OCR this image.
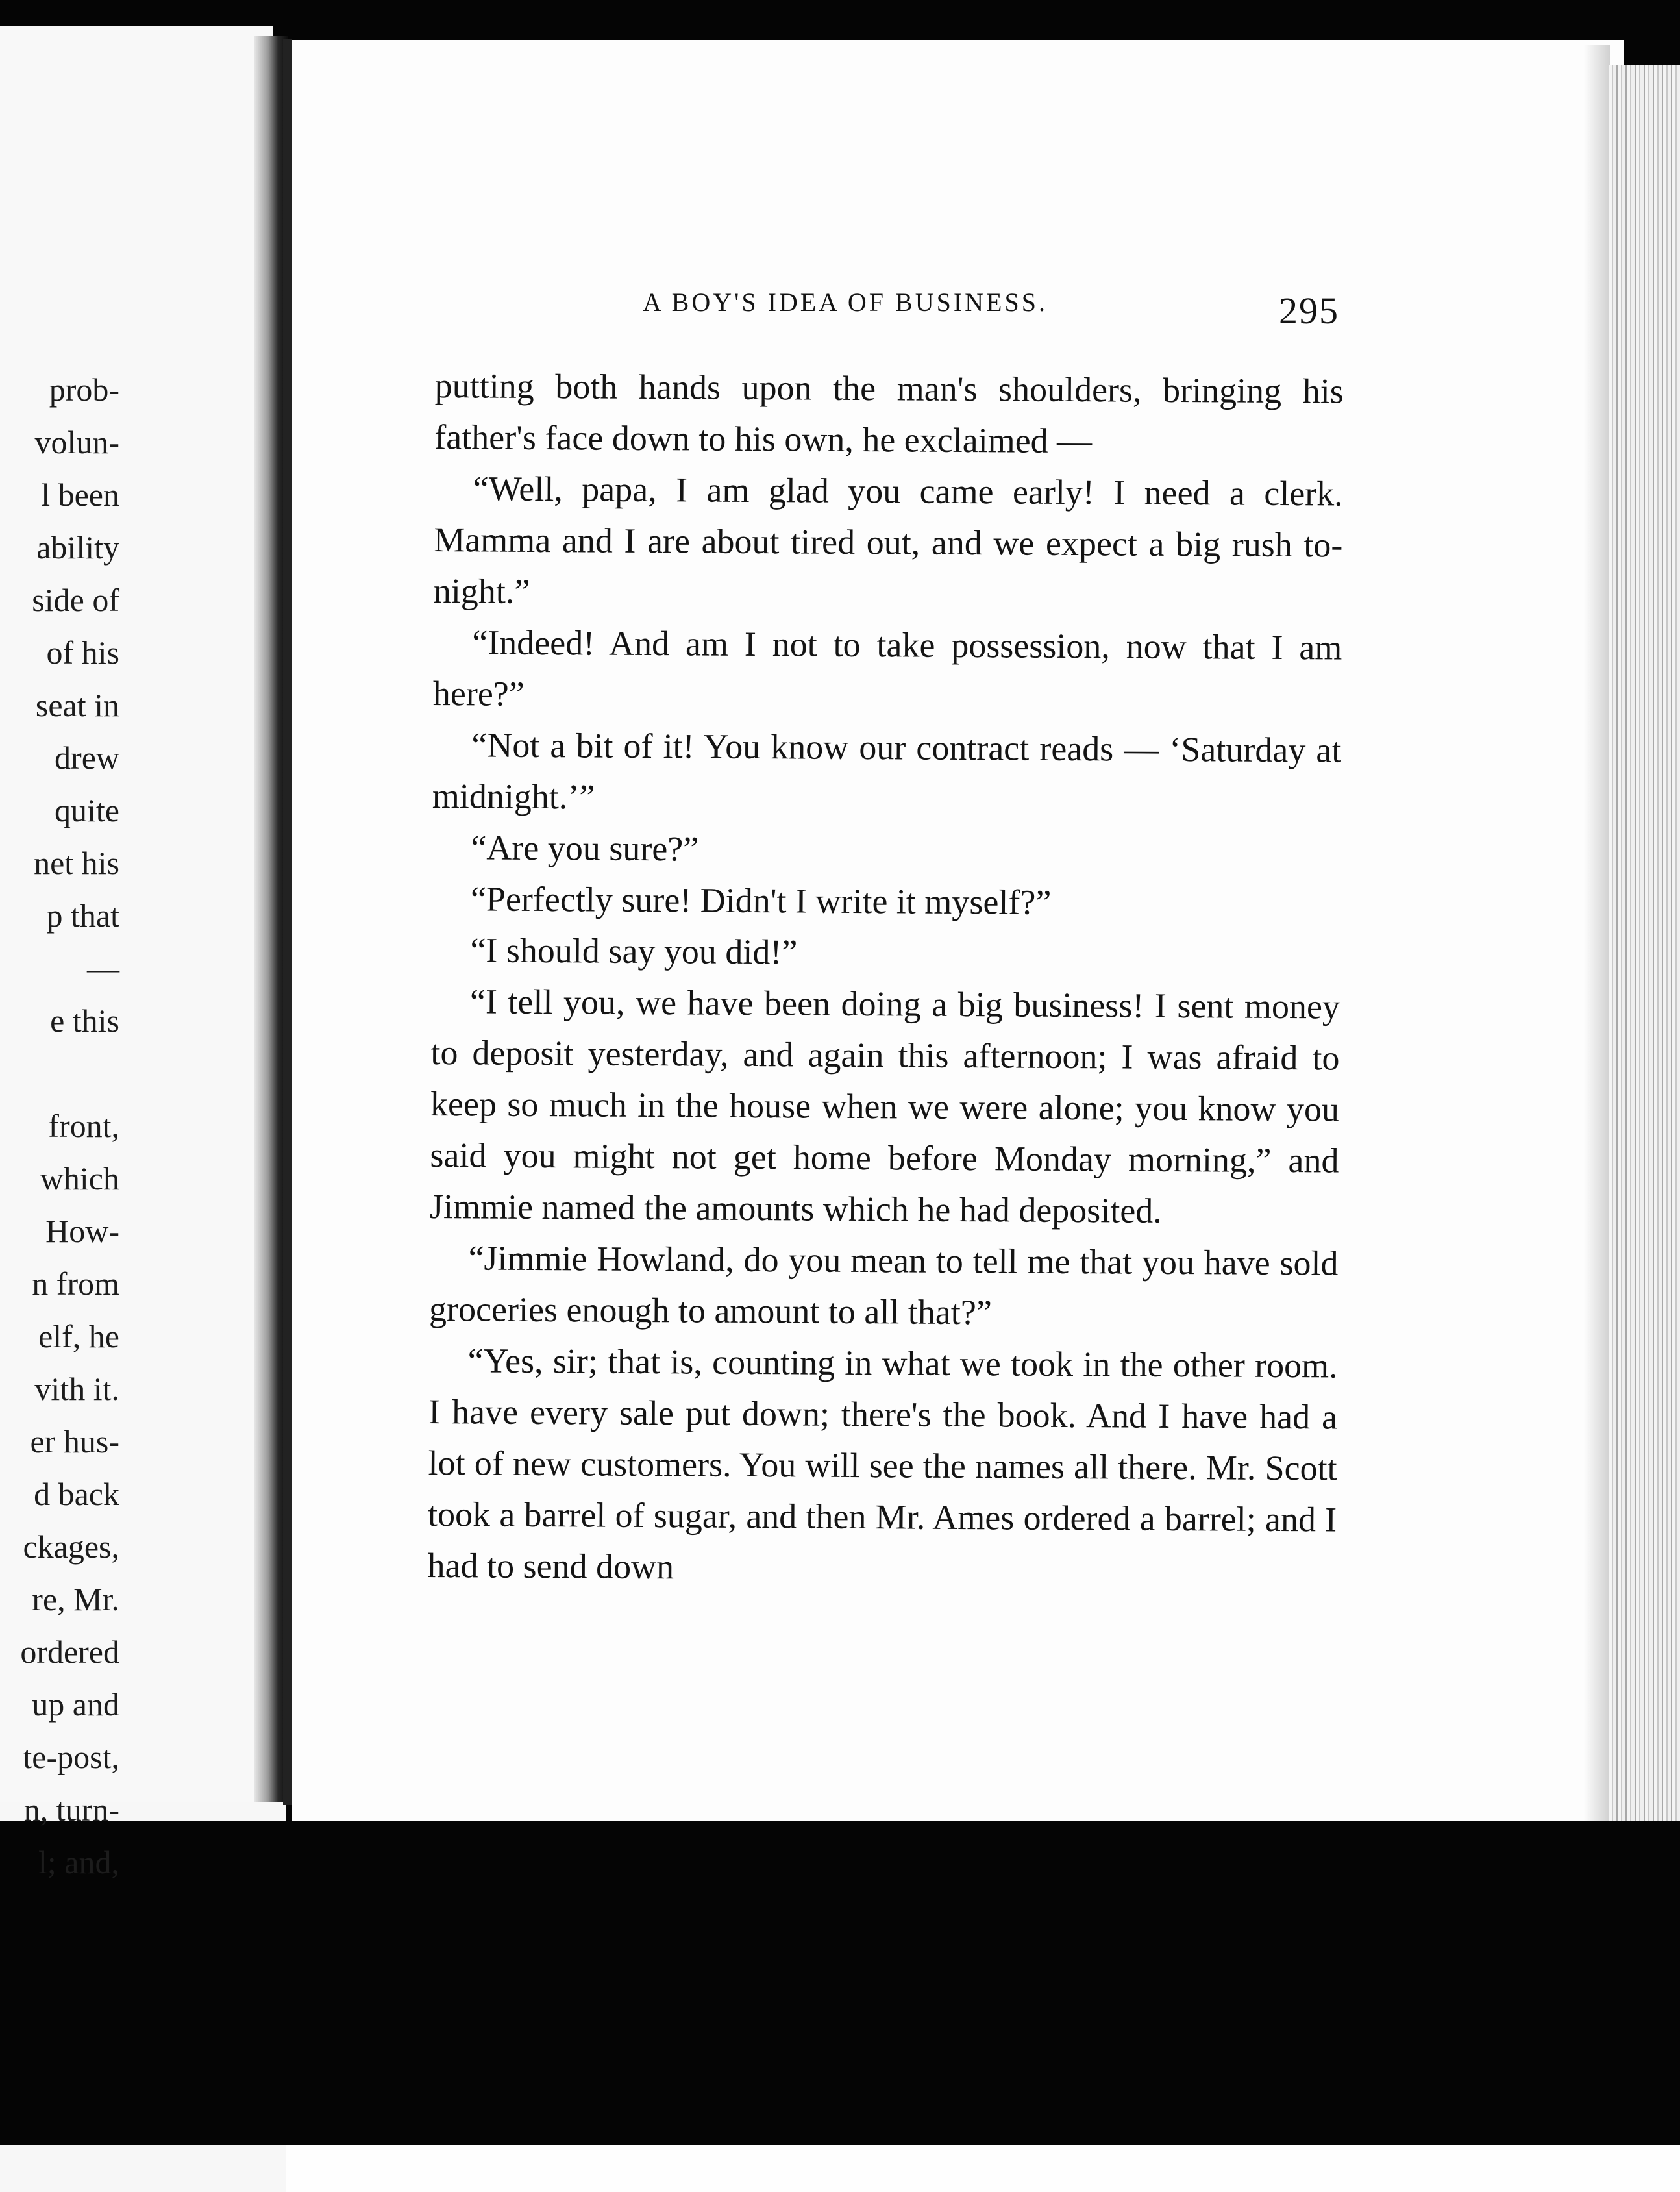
prob-
volun-
l been
ability
side of
of his
seat in
drew
quite
net his
p that
—
e this
front,
which
How-
n from
elf, he
vith it.
er hus-
d back
ckages,
re, Mr.
ordered
up and
te-post,
n, turn-
l; and,
A BOY'S IDEA OF BUSINESS.	295

putting both hands upon the man's shoulders, bringing his father's face down to his own, he exclaimed —

“Well, papa, I am glad you came early! I need a clerk. Mamma and I are about tired out, and we expect a big rush to-night.”

“Indeed! And am I not to take possession, now that I am here?”

“Not a bit of it! You know our contract reads — ‘Saturday at midnight.’”

“Are you sure?”

“Perfectly sure! Didn't I write it myself?”

“I should say you did!”

“I tell you, we have been doing a big business! I sent money to deposit yesterday, and again this afternoon; I was afraid to keep so much in the house when we were alone; you know you said you might not get home before Monday morning,” and Jimmie named the amounts which he had deposited.

“Jimmie Howland, do you mean to tell me that you have sold groceries enough to amount to all that?”

“Yes, sir; that is, counting in what we took in the other room. I have every sale put down; there's the book. And I have had a lot of new customers. You will see the names all there. Mr. Scott took a barrel of sugar, and then Mr. Ames ordered a barrel; and I had to send down
